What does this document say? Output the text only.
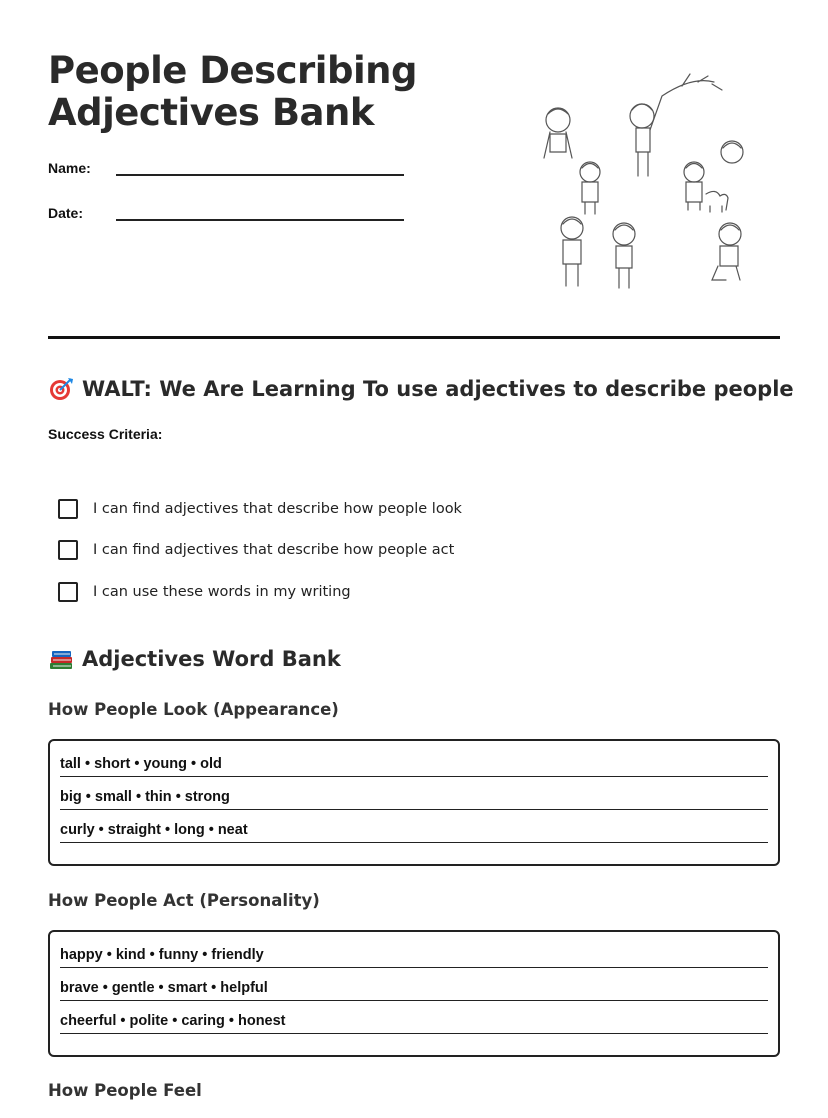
People Describing Adjectives Bank
Name:
Date:
WALT: We Are Learning To use adjectives to describe people
Success Criteria:
I can find adjectives that describe how people look
I can find adjectives that describe how people act
I can use these words in my writing
Adjectives Word Bank
How People Look (Appearance)
tall • short • young • old
big • small • thin • strong
curly • straight • long • neat
How People Act (Personality)
happy • kind • funny • friendly
brave • gentle • smart • helpful
cheerful • polite • caring • honest
How People Feel
